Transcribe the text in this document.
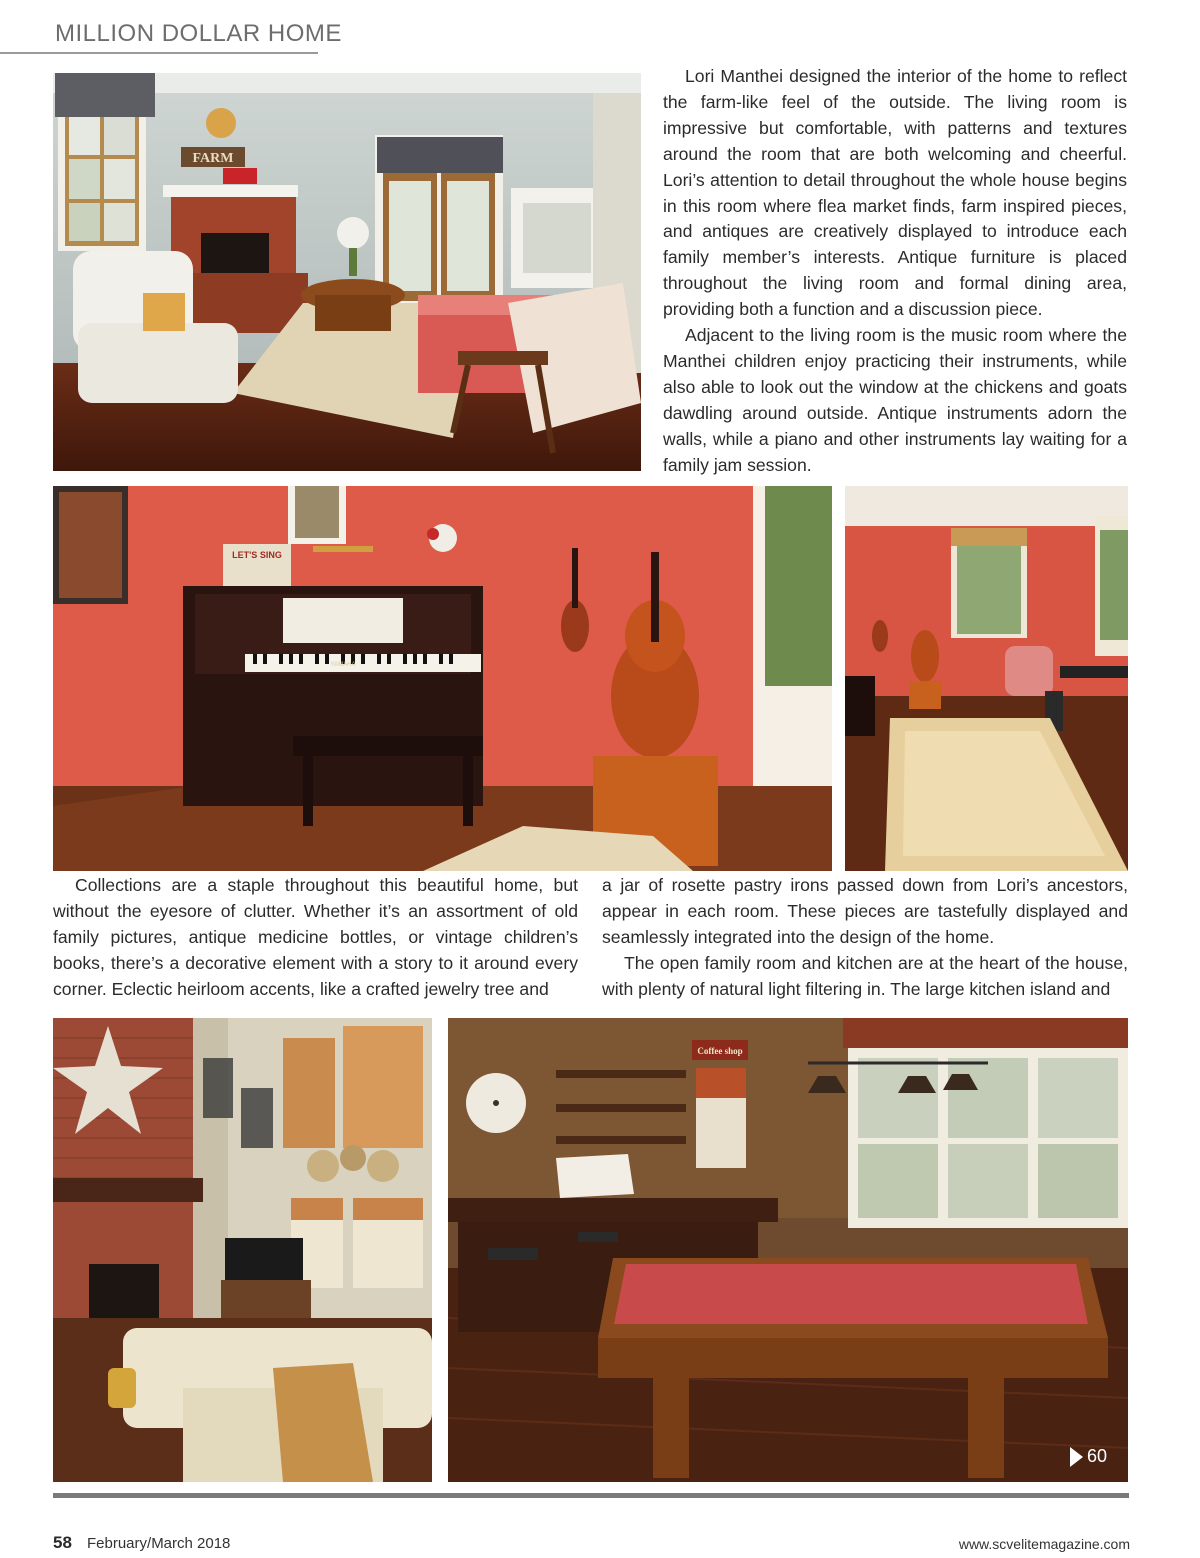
MILLION DOLLAR HOME
FARM

Lori Manthei designed the interior of the home to reflect the farm-like feel of the outside. The living room is impressive but comfortable, with patterns and textures around the room that are both welcoming and cheerful. Lori’s attention to detail throughout the whole house begins in this room where flea market finds, farm inspired pieces, and antiques are creatively displayed to introduce each family member’s interests. Antique furniture is placed throughout the living room and formal dining area, providing both a function and a discussion piece.

Adjacent to the living room is the music room where the Manthei children enjoy practicing their instruments, while also able to look out the window at the chickens and goats dawdling around outside. Antique instruments adorn the walls, while a piano and other instruments lay waiting for a family jam session.

LET'S SING
YAMAHA

Collections are a staple throughout this beautiful home, but without the eyesore of clutter. Whether it’s an assortment of old family pictures, antique medicine bottles, or vintage children’s books, there’s a decorative element with a story to it around every corner. Eclectic heirloom accents, like a crafted jewelry tree and

a jar of rosette pastry irons passed down from Lori’s ancestors, appear in each room. These pieces are tastefully displayed and seamlessly integrated into the design of the home.

The open family room and kitchen are at the heart of the house, with plenty of natural light filtering in. The large kitchen island and

Coffee shop
60
58 February/March 2018	www.scvelitemagazine.com
